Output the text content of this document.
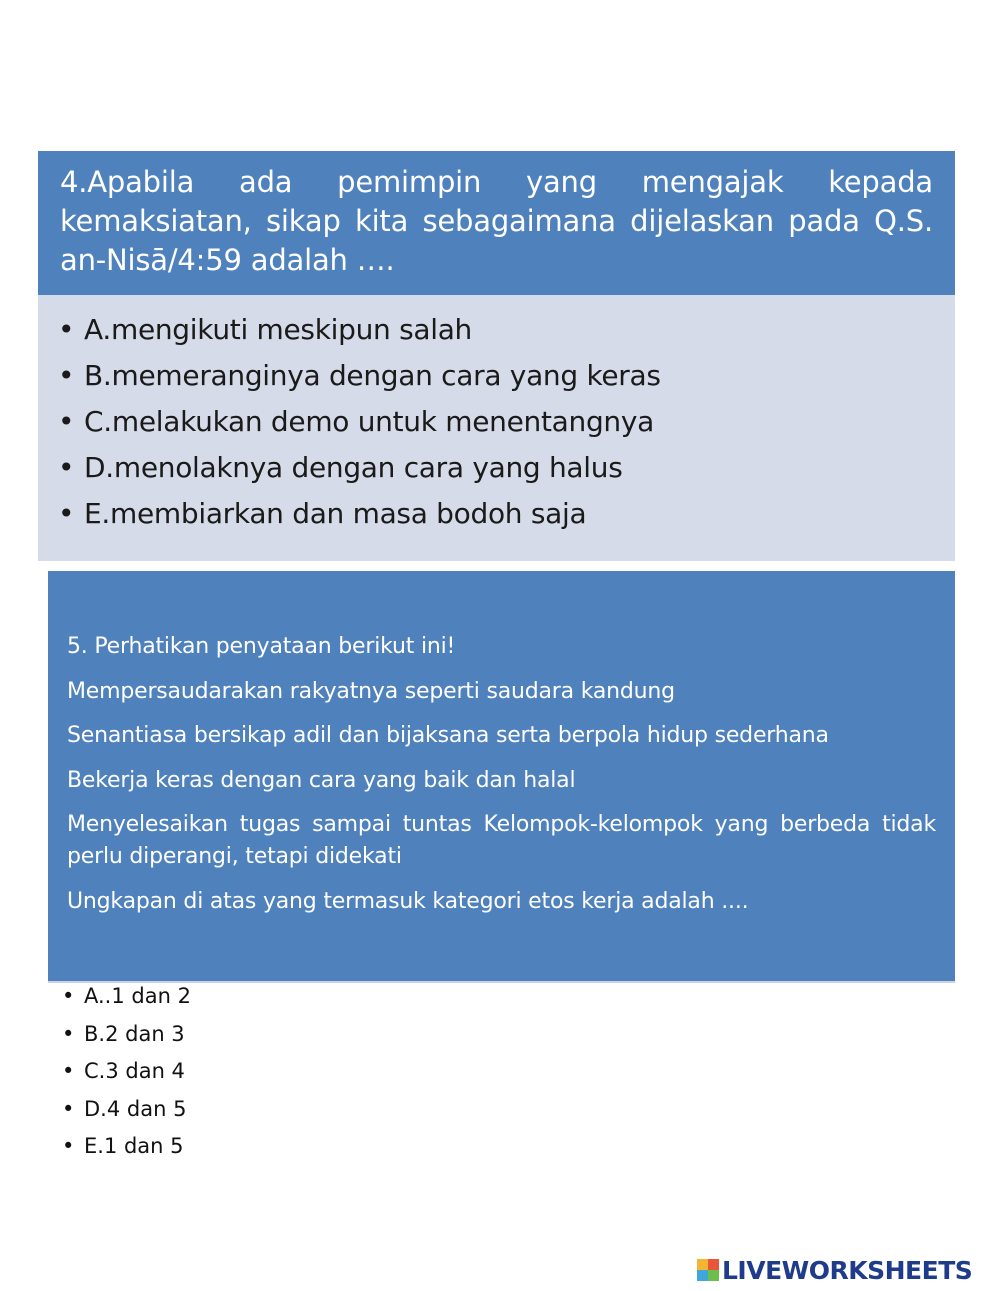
4.Apabila ada pemimpin yang mengajak kepada kemaksiatan, sikap kita sebagaimana dijelaskan pada Q.S. an-Nisā/4:59 adalah ….

• A.mengikuti meskipun salah
• B.memeranginya dengan cara yang keras
• C.melakukan demo untuk menentangnya
• D.menolaknya dengan cara yang halus
• E.membiarkan dan masa bodoh saja

5. Perhatikan penyataan berikut ini!

Mempersaudarakan rakyatnya seperti saudara kandung

Senantiasa bersikap adil dan bijaksana serta berpola hidup sederhana

Bekerja keras dengan cara yang baik dan halal

Menyelesaikan tugas sampai tuntas Kelompok-kelompok yang berbeda tidak perlu diperangi, tetapi didekati

Ungkapan di atas yang termasuk kategori etos kerja adalah ....

• A..1 dan 2
• B.2 dan 3
• C.3 dan 4
• D.4 dan 5
• E.1 dan 5
LIVEWORKSHEETS
